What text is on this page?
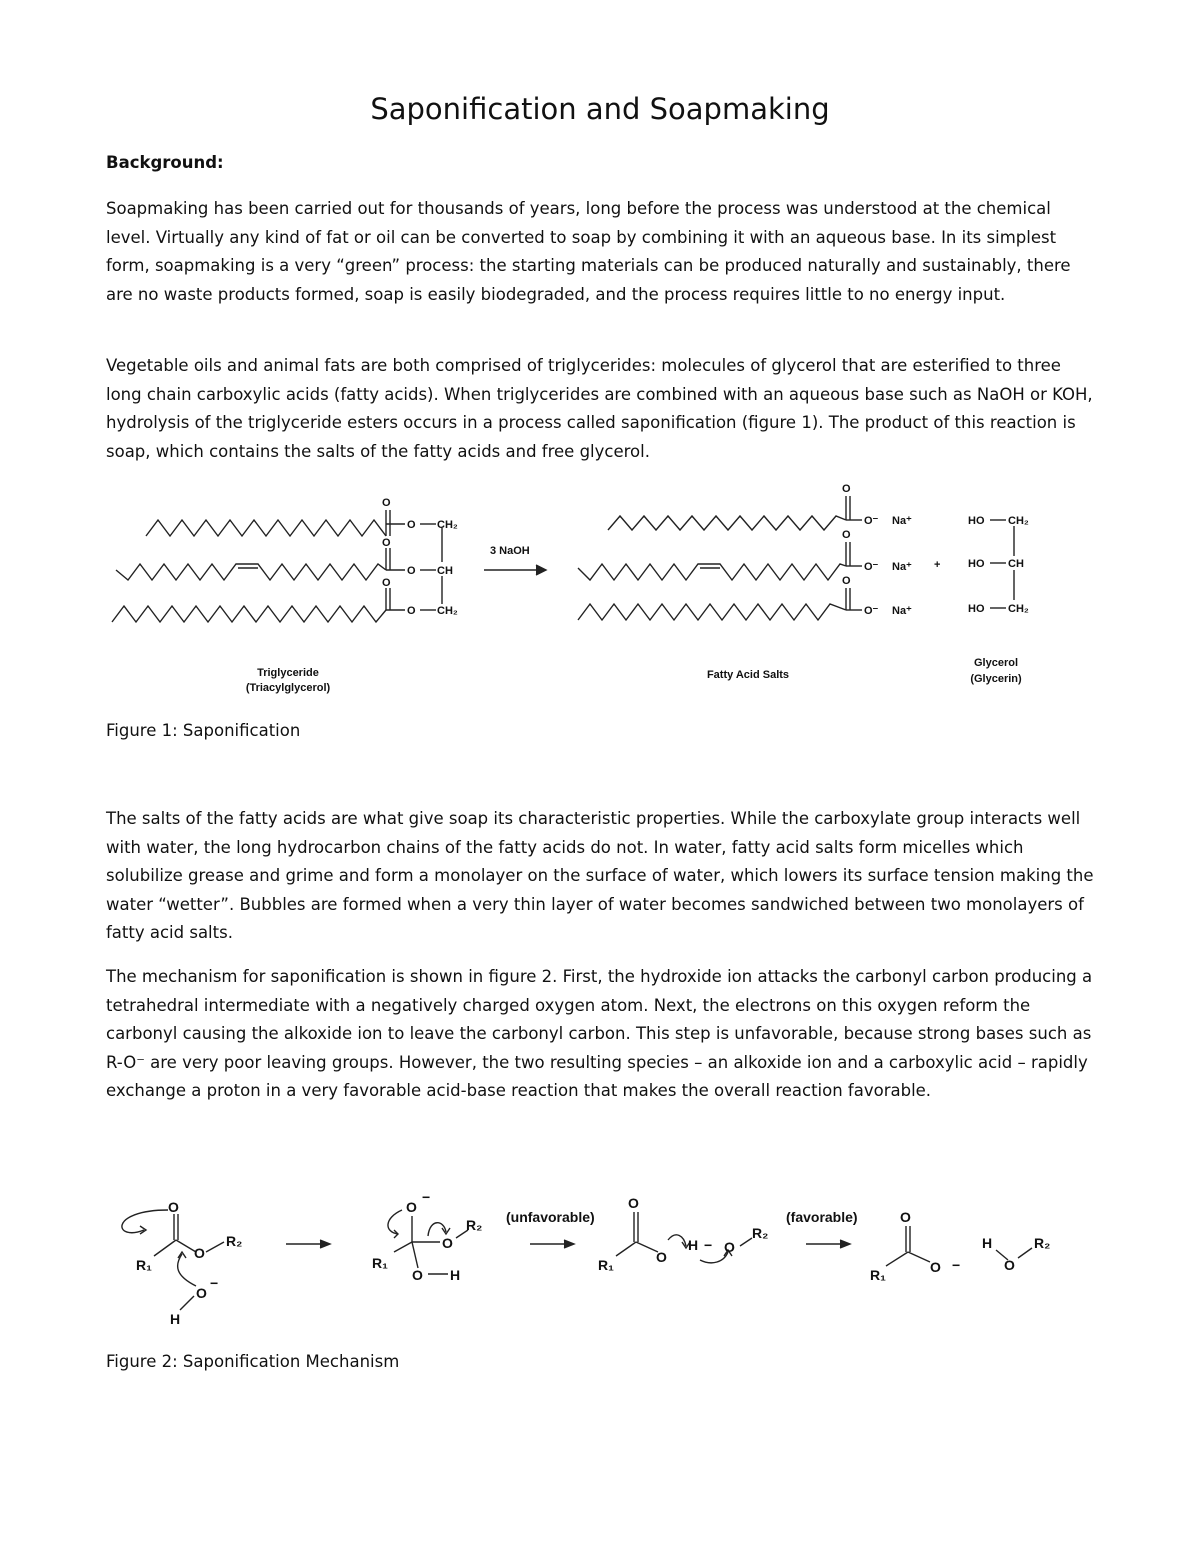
Saponification and Soapmaking

Background:

Soapmaking has been carried out for thousands of years, long before the process was understood at the chemical level. Virtually any kind of fat or oil can be converted to soap by combining it with an aqueous base. In its simplest form, soapmaking is a very “green” process: the starting materials can be produced naturally and sustainably, there are no waste products formed, soap is easily biodegraded, and the process requires little to no energy input.

Vegetable oils and animal fats are both comprised of triglycerides: molecules of glycerol that are esterified to three long chain carboxylic acids (fatty acids). When triglycerides are combined with an aqueous base such as NaOH or KOH, hydrolysis of the triglyceride esters occurs in a process called saponification (figure 1). The product of this reaction is soap, which contains the salts of the fatty acids and free glycerol.

O
O
O
O
O
O
CH₂
CH
CH₂
3 NaOH
O
O
O
O⁻
O⁻
O⁻
Na⁺
Na⁺
Na⁺
+
HO
HO
HO
CH₂
CH
CH₂
Triglyceride
(Triacylglycerol)
Fatty Acid Salts
Glycerol
(Glycerin)

Figure 1: Saponification

The salts of the fatty acids are what give soap its characteristic properties. While the carboxylate group interacts well with water, the long hydrocarbon chains of the fatty acids do not. In water, fatty acid salts form micelles which solubilize grease and grime and form a monolayer on the surface of water, which lowers its surface tension making the water “wetter”. Bubbles are formed when a very thin layer of water becomes sandwiched between two monolayers of fatty acid salts.

The mechanism for saponification is shown in figure 2. First, the hydroxide ion attacks the carbonyl carbon producing a tetrahedral intermediate with a negatively charged oxygen atom. Next, the electrons on this oxygen reform the carbonyl causing the alkoxide ion to leave the carbonyl carbon. This step is unfavorable, because strong bases such as R-O⁻ are very poor leaving groups. However, the two resulting species – an alkoxide ion and a carboxylic acid – rapidly exchange a proton in a very favorable acid-base reaction that makes the overall reaction favorable.

O
R₁
O
R₂
O
−
H
O
−
R₁
O
R₂
O H
(unfavorable)
O
R₁	O
H − O
R₂
(favorable)	O
R₁	O −
H
O
R₂

Figure 2: Saponification Mechanism
